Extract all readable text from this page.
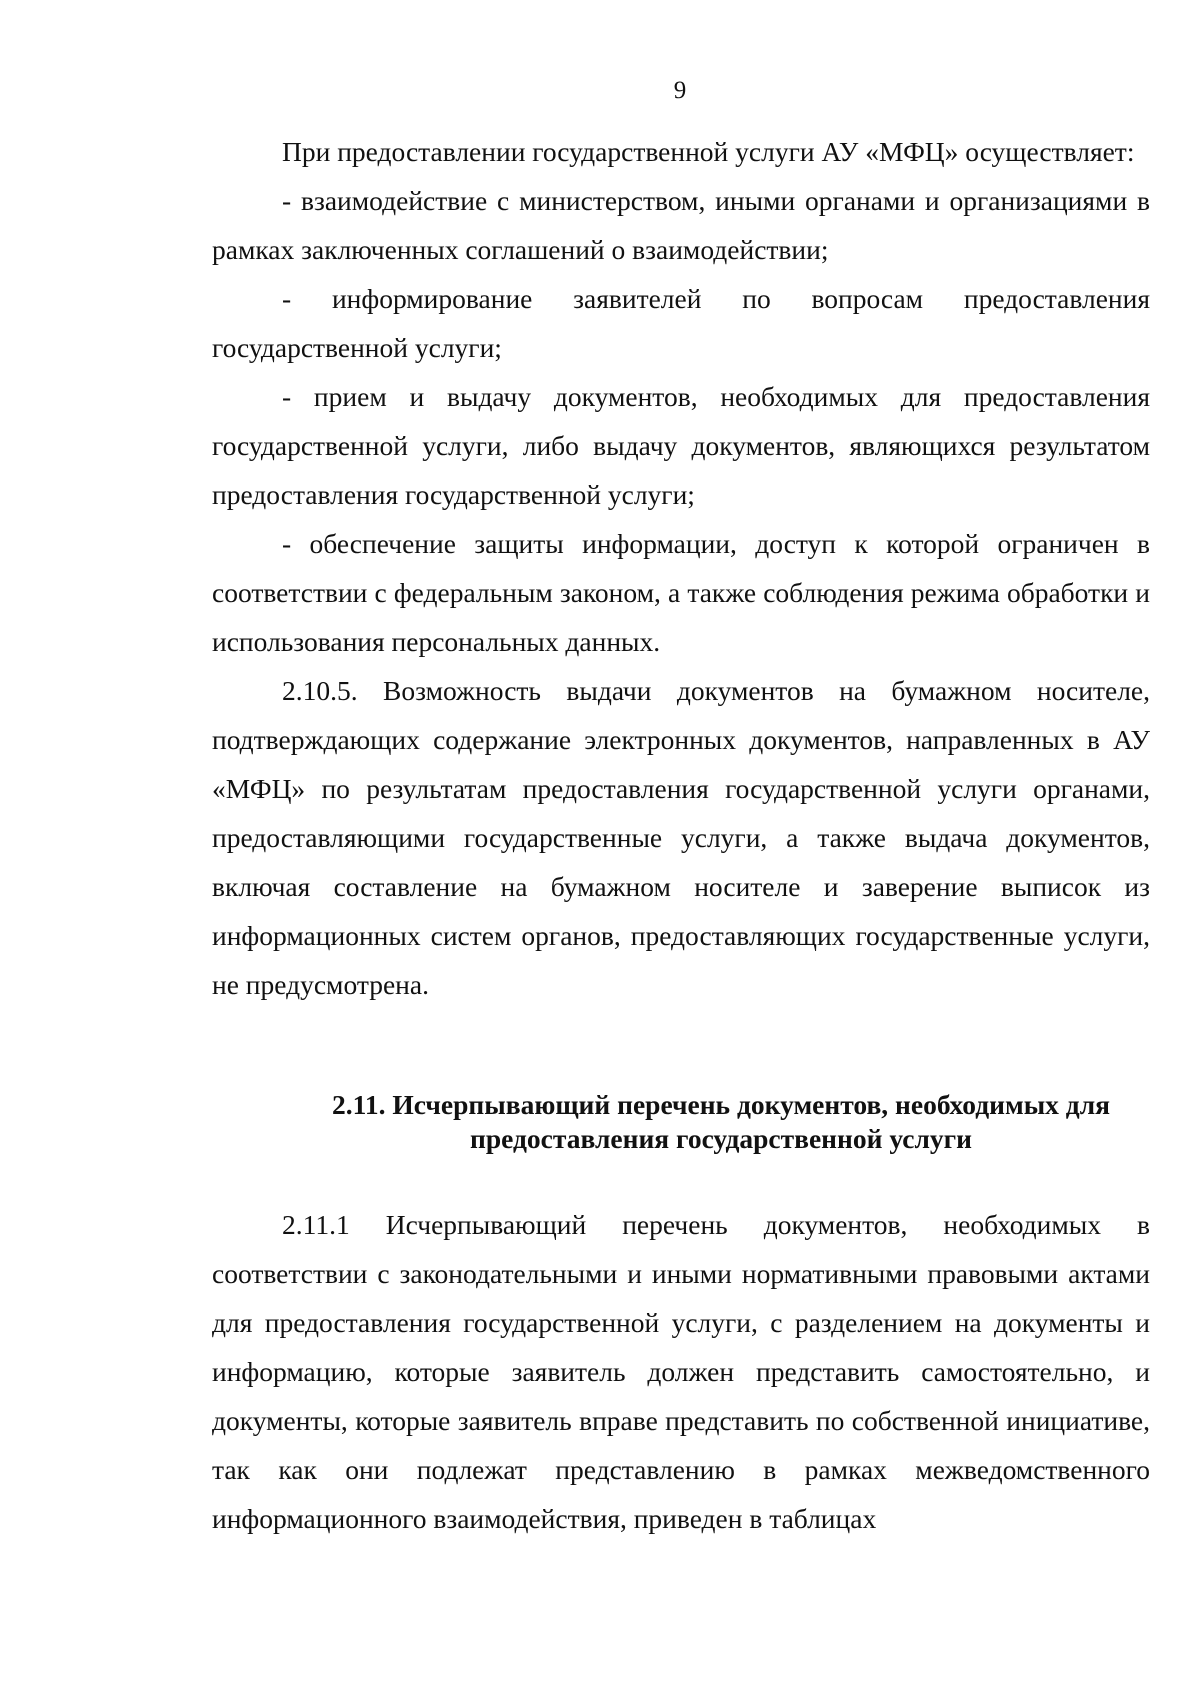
9

При предоставлении государственной услуги АУ «МФЦ» осуществляет:

- взаимодействие с министерством, иными органами и организациями в рамках заключенных соглашений о взаимодействии;

- информирование заявителей по вопросам предоставления государственной услуги;

- прием и выдачу документов, необходимых для предоставления государственной услуги, либо выдачу документов, являющихся результатом предоставления государственной услуги;

- обеспечение защиты информации, доступ к которой ограничен в соответствии с федеральным законом, а также соблюдения режима обработки и использования персональных данных.

2.10.5. Возможность выдачи документов на бумажном носителе, подтверждающих содержание электронных документов, направленных в АУ «МФЦ» по результатам предоставления государственной услуги органами, предоставляющими государственные услуги, а также выдача документов, включая составление на бумажном носителе и заверение выписок из информационных систем органов, предоставляющих государственные услуги, не предусмотрена.

2.11. Исчерпывающий перечень документов, необходимых для
предоставления государственной услуги

2.11.1 Исчерпывающий перечень документов, необходимых в соответствии с законодательными и иными нормативными правовыми актами для предоставления государственной услуги, с разделением на документы и информацию, которые заявитель должен представить самостоятельно, и документы, которые заявитель вправе представить по собственной инициативе, так как они подлежат представлению в рамках межведомственного информационного взаимодействия, приведен в таблицах
